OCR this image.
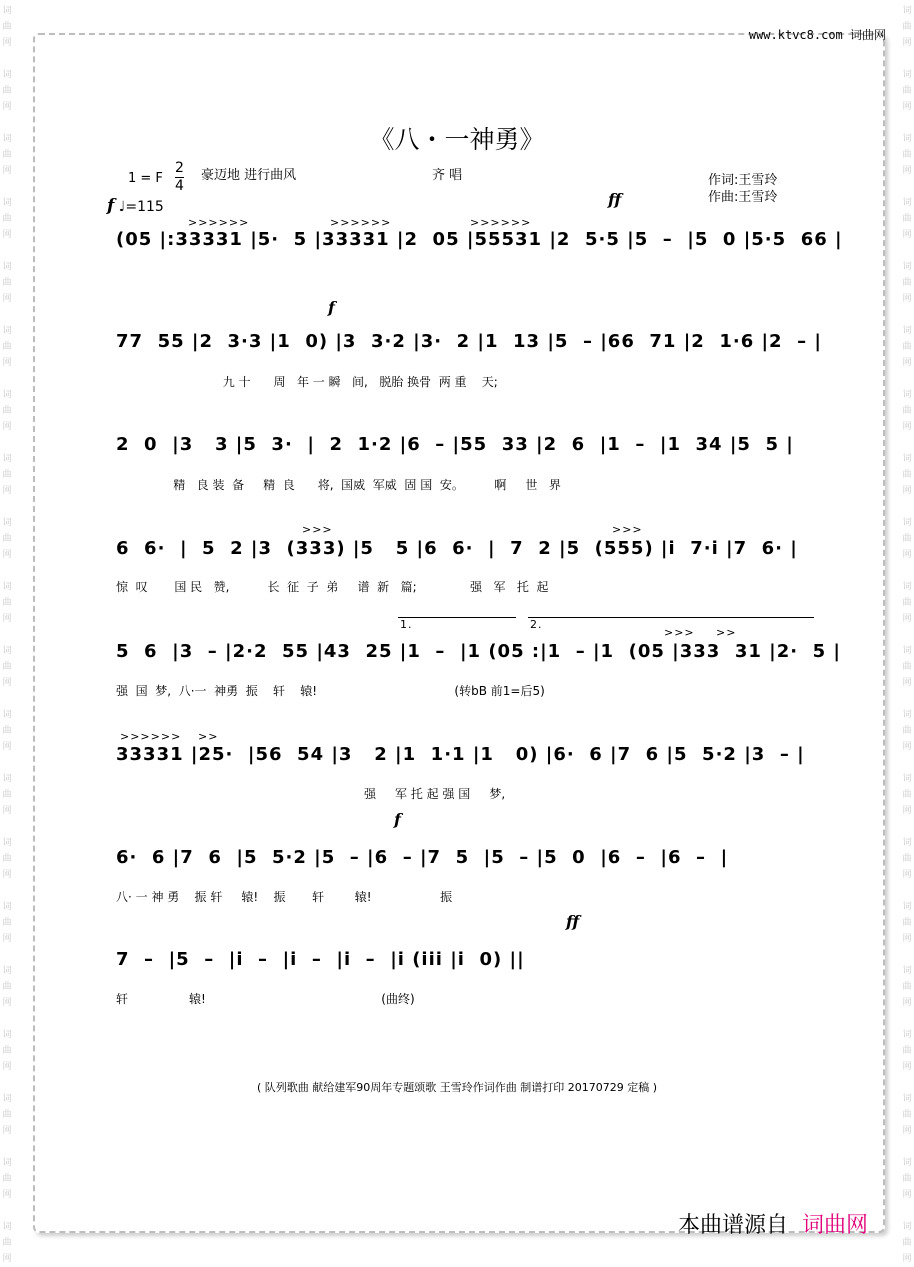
词
曲
网
词
曲
网
词
曲
网
词
曲
网
词
曲
网
词
曲
网
词
曲
网
词
曲
网
词
曲
网
词
曲
网
词
曲
网
词
曲
网
词
曲
网
词
曲
网
词
曲
网
词
曲
网
词
曲
网
词
曲
网
词
曲
网
词
曲
网
词
曲
网
词
曲
网
词
曲
网
词
曲
网
词
曲
网
词
曲
网
词
曲
网
词
曲
网
词
曲
网
词
曲
网
词
曲
网
词
曲
网
词
曲
网
词
曲
网
词
曲
网
词
曲
网
词
曲
网
词
曲
网
词
曲
网
词
曲
网
www.ktvc8.com 词曲网
《八・一神勇》
1 = F $\frac{2}{4}$ 豪迈地 进行曲风	齐 唱	作词:王雪玲
作曲:王雪玲
f ♩=115	ff
f
f
ff
>>>>>>	>>>>>>	>>>>>>
>>>	>>>
>>> >>
>>>>>> >>
1.	2.
(05 |:33331 |5·  5 |33331 |2  05 |55531 |2  5·5 |5  –  |5  0 |5·5  66 |
77  55 |2  3·3 |1  0) |3  3·2 |3·  2 |1  13 |5  – |66  71 |2  1·6 |2  – |
九 十      周   年 一 瞬   间,   脱胎 换骨  两 重    天;
2  0  |3   3 |5  3·  |  2  1·2 |6  – |55  33 |2  6  |1  –  |1  34 |5  5 |
精   良 装  备     精  良      将,  国威  军威  固 国  安。        啊     世   界
6  6·  |  5  2 |3  (333) |5   5 |6  6·  |  7  2 |5  (555) |i  7·i |7  6· |
惊  叹       国 民   赞,          长  征  子  弟     谱  新   篇;              强   军   托  起
5  6  |3  – |2·2  55 |43  25 |1  –  |1 (05 :|1  – |1  (05 |333  31 |2·  5 |
强  国  梦,  八·一  神勇  振    轩    辕!                                    (转bB 前1=后5)
33331 |25·  |56  54 |3   2 |1  1·1 |1   0) |6·  6 |7  6 |5  5·2 |3  – |
强     军 托 起 强 国     梦,
6·  6 |7  6  |5  5·2 |5  – |6  – |7  5  |5  – |5  0  |6  –  |6  –  |
八· 一 神 勇    振 轩     辕!    振       轩        辕!                  振
7  –  |5  –  |i  –  |i  –  |i  –  |i (iii |i  0) ||
轩                辕!                                              (曲终)
( 队列歌曲 献给建军90周年专题颂歌 王雪玲作词作曲 制谱打印 20170729 定稿 )
本曲谱源自 词曲网
